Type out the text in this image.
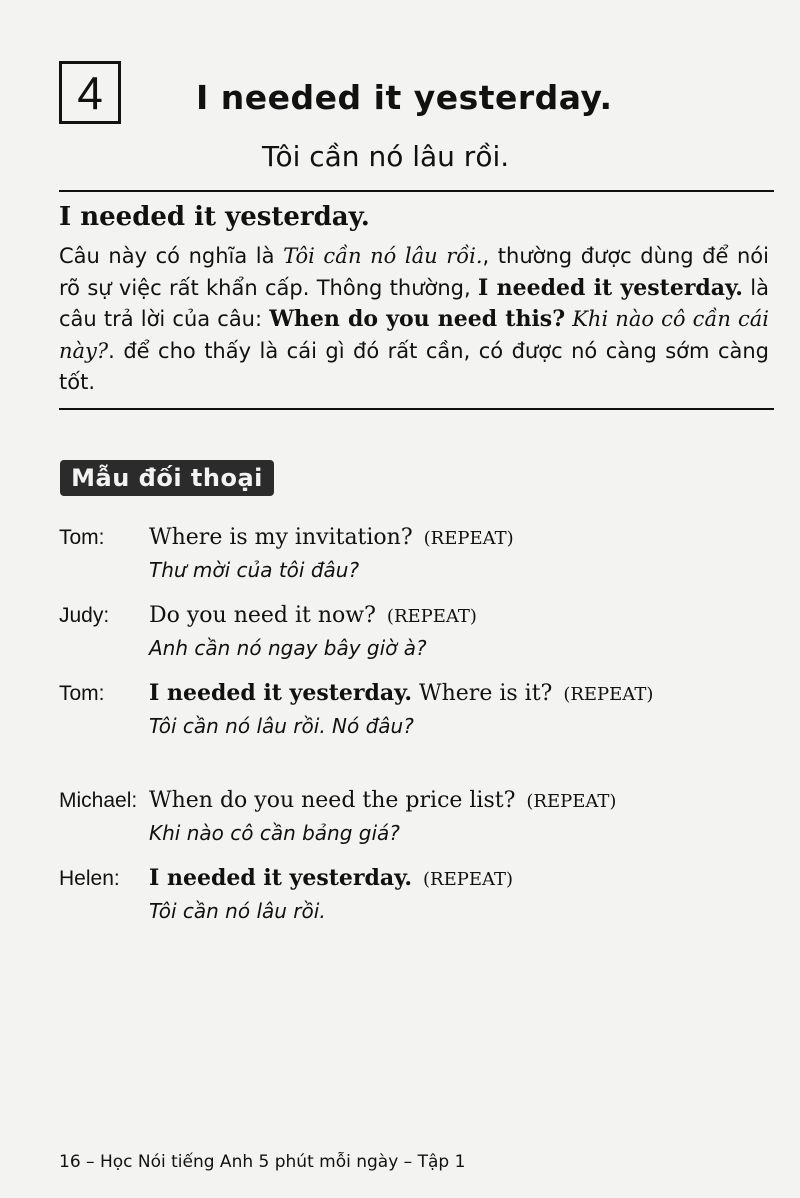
4	I needed it yesterday.
Tôi cần nó lâu rồi.
I needed it yesterday.
Câu này có nghĩa là Tôi cần nó lâu rồi., thường được dùng để nói rõ sự việc rất khẩn cấp. Thông thường, I needed it yesterday. là câu trả lời của câu: When do you need this? Khi nào cô cần cái này?. để cho thấy là cái gì đó rất cần, có được nó càng sớm càng tốt.
Mẫu đối thoại
Tom: Where is my invitation? (REPEAT)
Thư mời của tôi đâu?
Judy: Do you need it now? (REPEAT)
Anh cần nó ngay bây giờ à?
Tom: I needed it yesterday. Where is it? (REPEAT)
Tôi cần nó lâu rồi. Nó đâu?
Michael: When do you need the price list? (REPEAT)
Khi nào cô cần bảng giá?
Helen: I needed it yesterday. (REPEAT)
Tôi cần nó lâu rồi.
16 – Học Nói tiếng Anh 5 phút mỗi ngày – Tập 1
